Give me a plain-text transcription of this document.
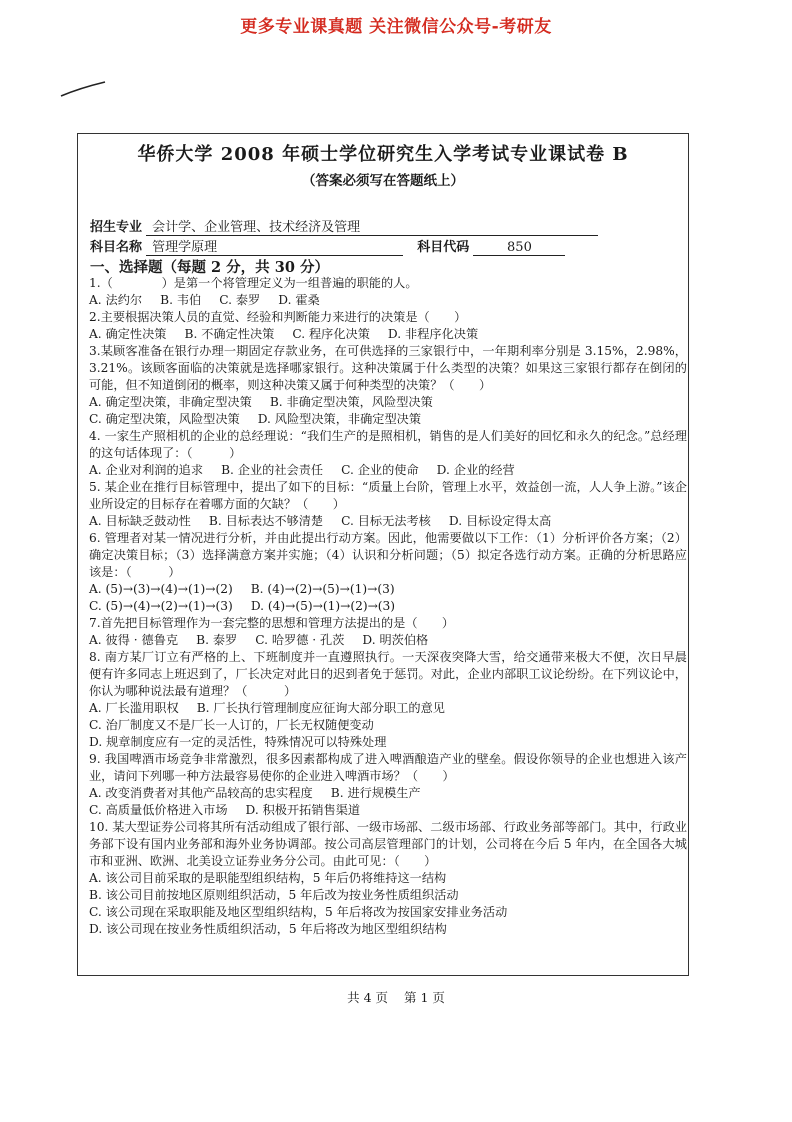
更多专业课真题 关注微信公众号-考研友
华侨大学 2008 年硕士学位研究生入学考试专业课试卷 B
（答案必须写在答题纸上）
招生专业 会计学、企业管理、技术经济及管理
科目名称 管理学原理	科目代码	850
一、选择题（每题 2 分，共 30 分）
1.（　　　　）是第一个将管理定义为一组普遍的职能的人。
A. 法约尔 B. 韦伯 C. 泰罗 D. 霍桑
2.主要根据决策人员的直觉、经验和判断能力来进行的决策是（　　）
A. 确定性决策 B. 不确定性决策 C. 程序化决策 D. 非程序化决策
3.某顾客准备在银行办理一期固定存款业务，在可供选择的三家银行中，一年期利率分别是 3.15%，2.98%，3.21%。该顾客面临的决策就是选择哪家银行。这种决策属于什么类型的决策？如果这三家银行都存在倒闭的可能，但不知道倒闭的概率，则这种决策又属于何种类型的决策？（　　）
A. 确定型决策，非确定型决策 B. 非确定型决策，风险型决策
C. 确定型决策，风险型决策 D. 风险型决策，非确定型决策
4. 一家生产照相机的企业的总经理说：“我们生产的是照相机，销售的是人们美好的回忆和永久的纪念。”总经理的这句话体现了：（　　　）
A. 企业对利润的追求 B. 企业的社会责任 C. 企业的使命 D. 企业的经营
5. 某企业在推行目标管理中，提出了如下的目标：“质量上台阶，管理上水平，效益创一流，人人争上游。”该企业所设定的目标存在着哪方面的欠缺？（　　）
A. 目标缺乏鼓动性 B. 目标表达不够清楚 C. 目标无法考核 D. 目标设定得太高
6. 管理者对某一情况进行分析，并由此提出行动方案。因此，他需要做以下工作：（1）分析评价各方案；（2）确定决策目标；（3）选择满意方案并实施；（4）认识和分析问题；（5）拟定各选行动方案。正确的分析思路应该是：（　　　）
A. (5)→(3)→(4)→(1)→(2) B. (4)→(2)→(5)→(1)→(3)
C. (5)→(4)→(2)→(1)→(3) D. (4)→(5)→(1)→(2)→(3)
7.首先把目标管理作为一套完整的思想和管理方法提出的是（　　）
A. 彼得 · 德鲁克 B. 泰罗 C. 哈罗德 · 孔茨 D. 明茨伯格
8. 南方某厂订立有严格的上、下班制度并一直遵照执行。一天深夜突降大雪，给交通带来极大不便，次日早晨便有许多同志上班迟到了，厂长决定对此日的迟到者免于惩罚。对此，企业内部职工议论纷纷。在下列议论中，你认为哪种说法最有道理？（　　　）
A. 厂长滥用职权 B. 厂长执行管理制度应征询大部分职工的意见
C. 治厂制度又不是厂长一人订的，厂长无权随便变动
D. 规章制度应有一定的灵活性，特殊情况可以特殊处理
9. 我国啤酒市场竞争非常激烈，很多因素都构成了进入啤酒酿造产业的壁垒。假设你领导的企业也想进入该产业，请问下列哪一种方法最容易使你的企业进入啤酒市场？（　　）
A. 改变消费者对其他产品较高的忠实程度 B. 进行规模生产
C. 高质量低价格进入市场 D. 积极开拓销售渠道
10. 某大型证券公司将其所有活动组成了银行部、一级市场部、二级市场部、行政业务部等部门。其中，行政业务部下设有国内业务部和海外业务协调部。按公司高层管理部门的计划，公司将在今后 5 年内，在全国各大城市和亚洲、欧洲、北美设立证券业务分公司。由此可见：（　　）
A. 该公司目前采取的是职能型组织结构，5 年后仍将维持这一结构
B. 该公司目前按地区原则组织活动，5 年后改为按业务性质组织活动
C. 该公司现在采取职能及地区型组织结构，5 年后将改为按国家安排业务活动
D. 该公司现在按业务性质组织活动，5 年后将改为地区型组织结构
共 4 页 第 1 页
